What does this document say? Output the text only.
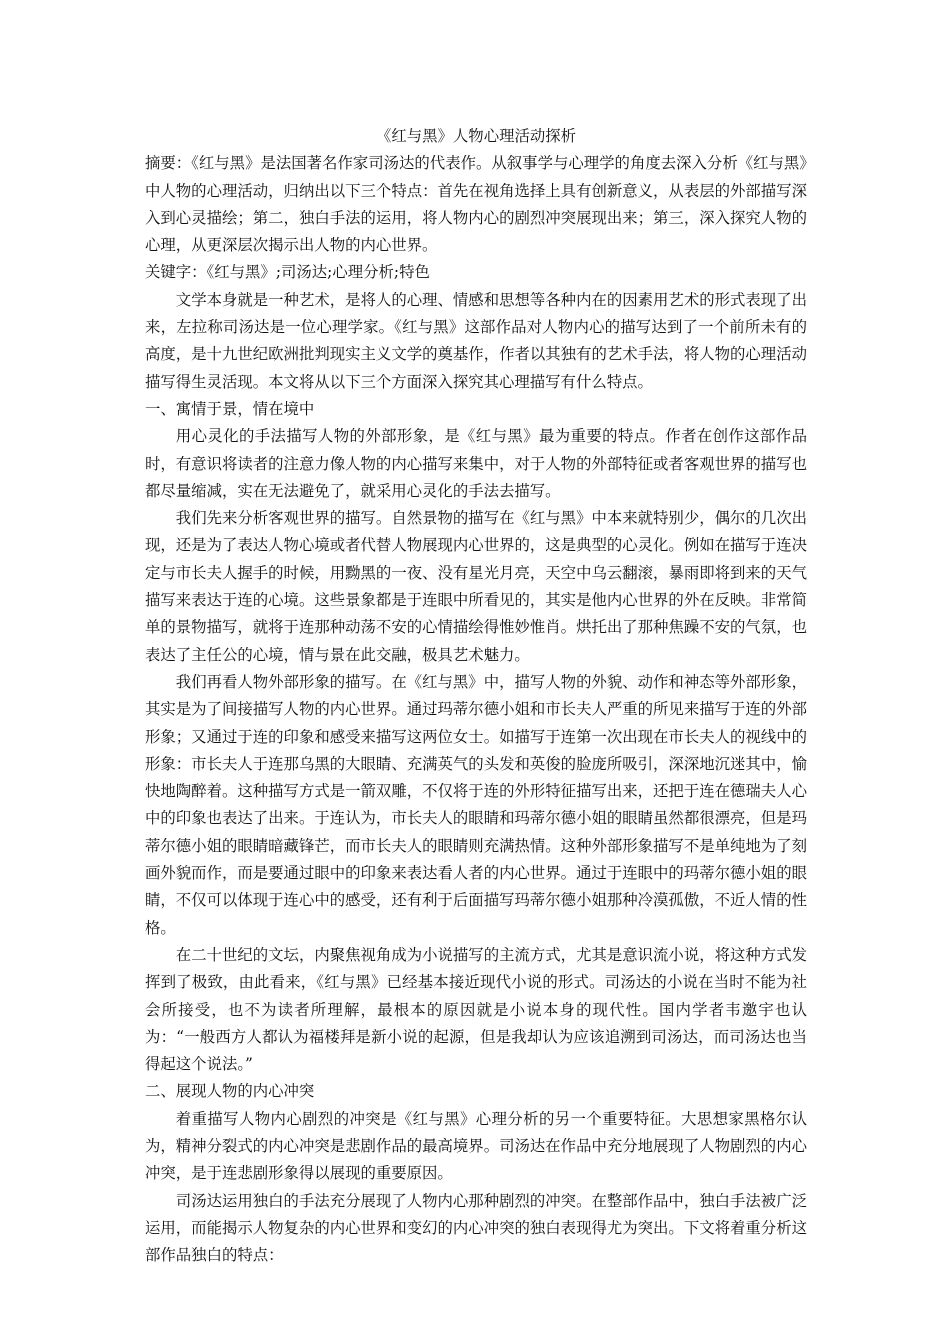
《红与黑》人物心理活动探析

摘要：《红与黑》是法国著名作家司汤达的代表作。从叙事学与心理学的角度去深入分析《红与黑》中人物的心理活动，归纳出以下三个特点：首先在视角选择上具有创新意义，从表层的外部描写深入到心灵描绘；第二，独白手法的运用，将人物内心的剧烈冲突展现出来；第三，深入探究人物的心理，从更深层次揭示出人物的内心世界。

关键字：《红与黑》;司汤达;心理分析;特色

文学本身就是一种艺术，是将人的心理、情感和思想等各种内在的因素用艺术的形式表现了出来，左拉称司汤达是一位心理学家。《红与黑》这部作品对人物内心的描写达到了一个前所未有的高度，是十九世纪欧洲批判现实主义文学的奠基作，作者以其独有的艺术手法，将人物的心理活动描写得生灵活现。本文将从以下三个方面深入探究其心理描写有什么特点。

一、寓情于景，情在境中

用心灵化的手法描写人物的外部形象，是《红与黑》最为重要的特点。作者在创作这部作品时，有意识将读者的注意力像人物的内心描写来集中，对于人物的外部特征或者客观世界的描写也都尽量缩减，实在无法避免了，就采用心灵化的手法去描写。

我们先来分析客观世界的描写。自然景物的描写在《红与黑》中本来就特别少，偶尔的几次出现，还是为了表达人物心境或者代替人物展现内心世界的，这是典型的心灵化。例如在描写于连决定与市长夫人握手的时候，用黝黑的一夜、没有星光月亮，天空中乌云翻滚，暴雨即将到来的天气描写来表达于连的心境。这些景象都是于连眼中所看见的，其实是他内心世界的外在反映。非常简单的景物描写，就将于连那种动荡不安的心情描绘得惟妙惟肖。烘托出了那种焦躁不安的气氛，也表达了主任公的心境，情与景在此交融，极具艺术魅力。

我们再看人物外部形象的描写。在《红与黑》中，描写人物的外貌、动作和神态等外部形象，其实是为了间接描写人物的内心世界。通过玛蒂尔德小姐和市长夫人严重的所见来描写于连的外部形象；又通过于连的印象和感受来描写这两位女士。如描写于连第一次出现在市长夫人的视线中的形象：市长夫人于连那乌黑的大眼睛、充满英气的头发和英俊的脸庞所吸引，深深地沉迷其中，愉快地陶醉着。这种描写方式是一箭双雕，不仅将于连的外形特征描写出来，还把于连在德瑞夫人心中的印象也表达了出来。于连认为，市长夫人的眼睛和玛蒂尔德小姐的眼睛虽然都很漂亮，但是玛蒂尔德小姐的眼睛暗藏锋芒，而市长夫人的眼睛则充满热情。这种外部形象描写不是单纯地为了刻画外貌而作，而是要通过眼中的印象来表达看人者的内心世界。通过于连眼中的玛蒂尔德小姐的眼睛，不仅可以体现于连心中的感受，还有利于后面描写玛蒂尔德小姐那种冷漠孤傲，不近人情的性格。

在二十世纪的文坛，内聚焦视角成为小说描写的主流方式，尤其是意识流小说，将这种方式发挥到了极致，由此看来，《红与黑》已经基本接近现代小说的形式。司汤达的小说在当时不能为社会所接受，也不为读者所理解，最根本的原因就是小说本身的现代性。国内学者韦邀宇也认为：“一般西方人都认为福楼拜是新小说的起源，但是我却认为应该追溯到司汤达，而司汤达也当得起这个说法。”

二、展现人物的内心冲突

着重描写人物内心剧烈的冲突是《红与黑》心理分析的另一个重要特征。大思想家黑格尔认为，精神分裂式的内心冲突是悲剧作品的最高境界。司汤达在作品中充分地展现了人物剧烈的内心冲突，是于连悲剧形象得以展现的重要原因。

司汤达运用独白的手法充分展现了人物内心那种剧烈的冲突。在整部作品中，独白手法被广泛运用，而能揭示人物复杂的内心世界和变幻的内心冲突的独白表现得尤为突出。下文将着重分析这部作品独白的特点：
